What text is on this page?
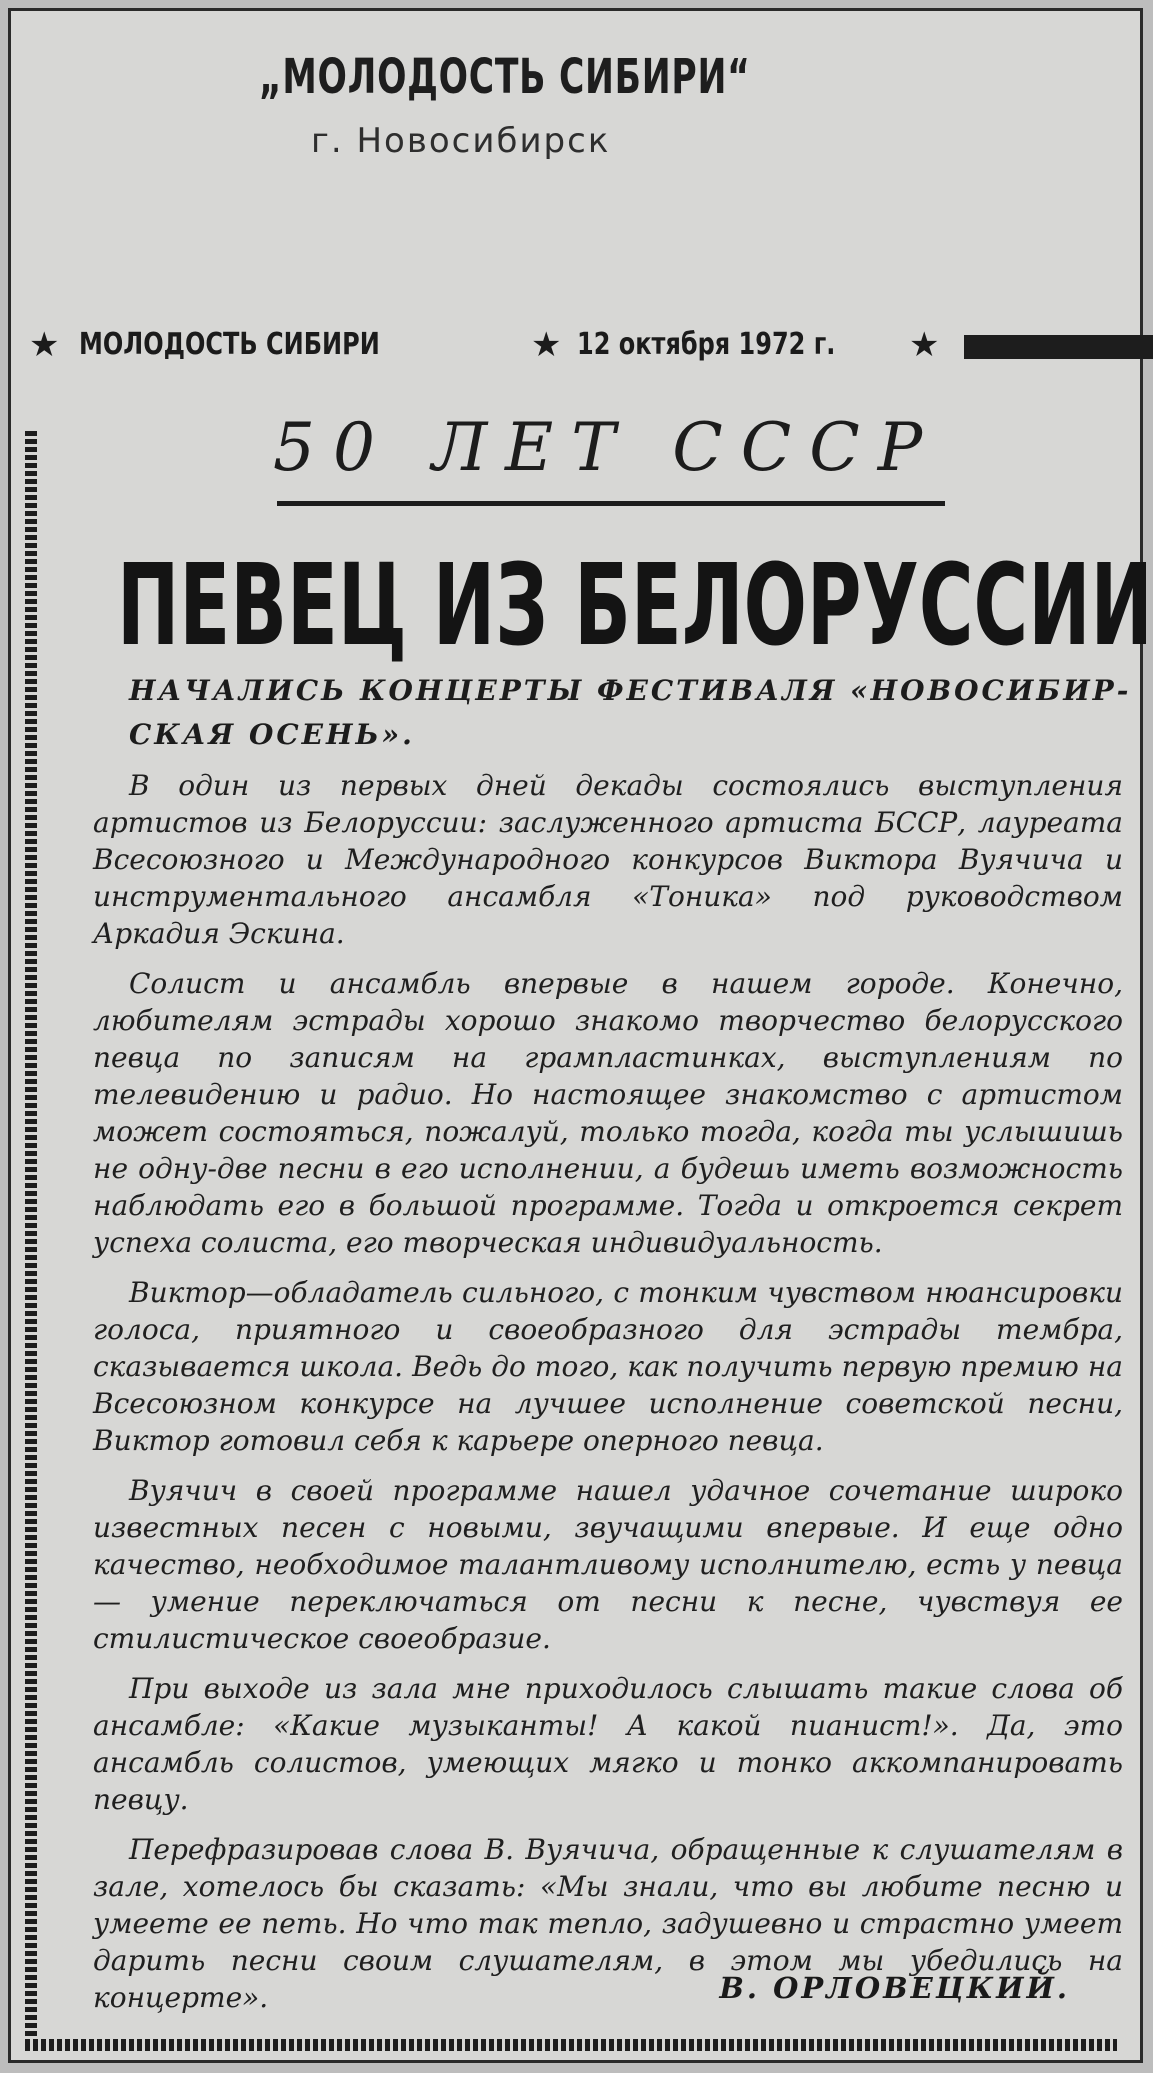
„МОЛОДОСТЬ СИБИРИ“
г. Новосибирск
★ МОЛОДОСТЬ СИБИРИ	★ 12 октября 1972 г. ★
50 ЛЕТ СССР
ПЕВЕЦ ИЗ БЕЛОРУССИИ
НАЧАЛИСЬ КОНЦЕРТЫ ФЕСТИВАЛЯ «НОВОСИБИР-
СКАЯ ОСЕНЬ».

В один из первых дней декады состоялись выступления артистов из Белоруссии: заслуженного артиста БССР, лауреата Всесоюзного и Международного конкурсов Виктора Вуячича и инструментального ансамбля «Тоника» под руководством Аркадия Эскина.

Солист и ансамбль впервые в нашем городе. Конечно, любителям эстрады хорошо знакомо творчество белорусского певца по записям на грампластинках, выступлениям по телевидению и радио. Но настоящее знакомство с артистом может состояться, пожалуй, только тогда, когда ты услышишь не одну-две песни в его исполнении, а будешь иметь возможность наблюдать его в большой программе. Тогда и откроется секрет успеха солиста, его творческая индивидуальность.

Виктор—обладатель сильного, с тонким чувством нюансировки голоса, приятного и своеобразного для эстрады тембра, сказывается школа. Ведь до того, как получить первую премию на Всесоюзном конкурсе на лучшее исполнение советской песни, Виктор готовил себя к карьере оперного певца.

Вуячич в своей программе нашел удачное сочетание широко известных песен с новыми, звучащими впервые. И еще одно качество, необходимое талантливому исполнителю, есть у певца — умение переключаться от песни к песне, чувствуя ее стилистическое своеобразие.

При выходе из зала мне приходилось слышать такие слова об ансамбле: «Какие музыканты! А какой пианист!». Да, это ансамбль солистов, умеющих мягко и тонко аккомпанировать певцу.

Перефразировав слова В. Вуячича, обращенные к слушателям в зале, хотелось бы сказать: «Мы знали, что вы любите песню и умеете ее петь. Но что так тепло, задушевно и страстно умеет дарить песни своим слушателям, в этом мы убедились на концерте».	В. ОРЛОВЕЦКИЙ.
